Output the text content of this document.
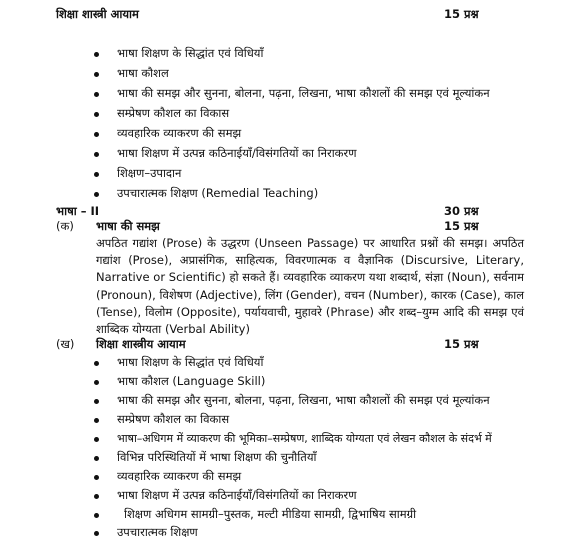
शिक्षा शास्त्री आयाम	15 प्रश्न
भाषा शिक्षण के सिद्धांत एवं विधियाँ
भाषा कौशल
भाषा की समझ और सुनना, बोलना, पढ़ना, लिखना, भाषा कौशलों की समझ एवं मूल्यांकन
सम्प्रेषण कौशल का विकास
व्यवहारिक व्याकरण की समझ
भाषा शिक्षण में उत्पन्न कठिनाईयाँ/विसंगतियों का निराकरण
शिक्षण–उपादान
उपचारात्मक शिक्षण (Remedial Teaching)
भाषा – II	30 प्रश्न
(क) भाषा की समझ	15 प्रश्न
अपठित गद्यांश (Prose) के उद्धरण (Unseen Passage) पर आधारित प्रश्नों की समझ। अपठित गद्यांश (Prose), अप्रासंगिक, साहित्यक, विवरणात्मक व वैज्ञानिक (Discursive, Literary, Narrative or Scientific) हो सकते हैं। व्यवहारिक व्याकरण यथा शब्दार्थ, संज्ञा (Noun), सर्वनाम (Pronoun), विशेषण (Adjective), लिंग (Gender), वचन (Number), कारक (Case), काल (Tense), विलोम (Opposite), पर्यायवाची, मुहावरे (Phrase) और शब्द–युग्म आदि की समझ एवं शाब्दिक योग्यता (Verbal Ability)
(ख) शिक्षा शास्त्रीय आयाम	15 प्रश्न
भाषा शिक्षण के सिद्धांत एवं विधियाँ
भाषा कौशल (Language Skill)
भाषा की समझ और सुनना, बोलना, पढ़ना, लिखना, भाषा कौशलों की समझ एवं मूल्यांकन
सम्प्रेषण कौशल का विकास
भाषा–अधिगम में व्याकरण की भूमिका–सम्प्रेषण, शाब्दिक योग्यता एवं लेखन कौशल के संदर्भ में
विभिन्न परिस्थितियों में भाषा शिक्षण की चुनौतियाँ
व्यवहारिक व्याकरण की समझ
भाषा शिक्षण में उत्पन्न कठिनाईयाँ/विसंगतियों का निराकरण
शिक्षण अधिगम सामग्री–पुस्तक, मल्टी मीडिया सामग्री, द्विभाषिय सामग्री
उपचारात्मक शिक्षण
